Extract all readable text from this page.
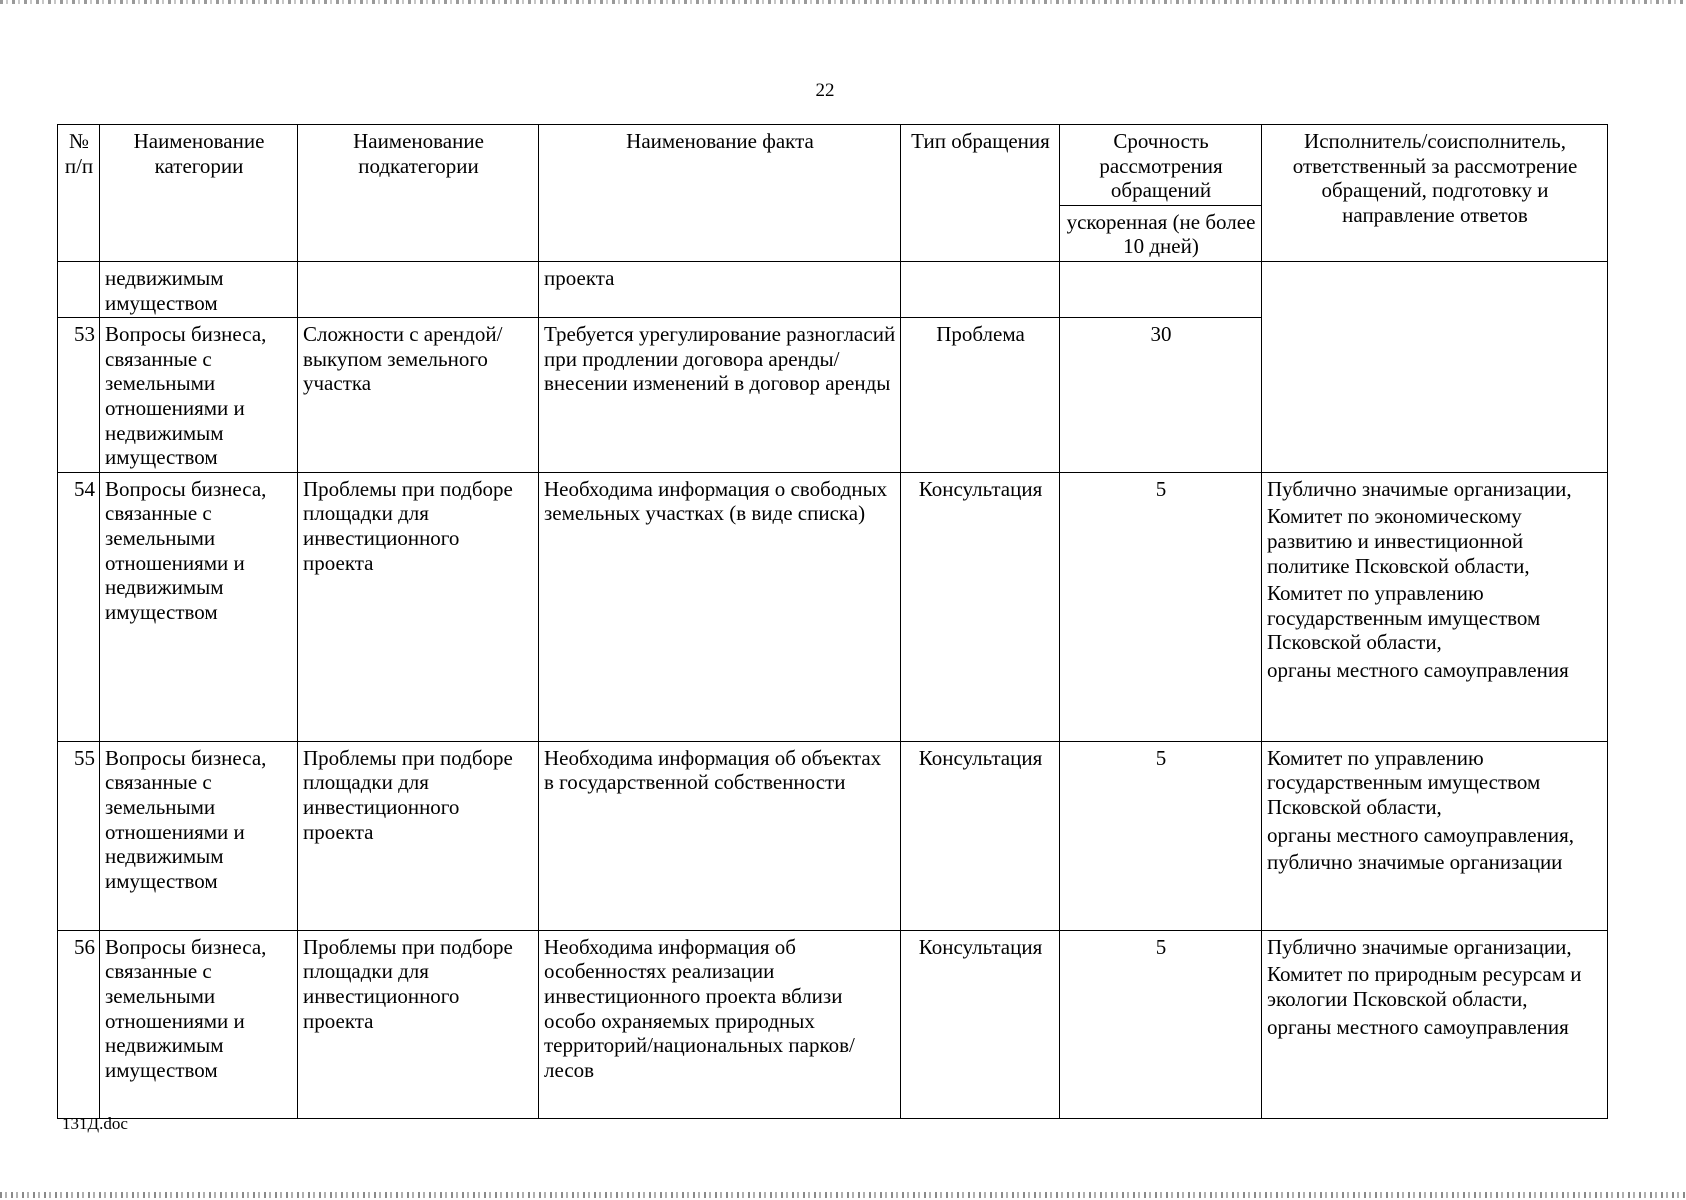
22
№ п/п	Наименование категории	Наименование подкатегории	Наименование факта	Тип обращения	Срочность рассмотрения обращений	Исполнитель/соисполнитель, ответственный за рассмотрение обращений, подготовку и направление ответов
					ускоренная (не более 10 дней)	
	недвижимым имуществом		проекта			
53	Вопросы бизнеса, связанные с земельными отношениями и недвижимым имуществом	Сложности с арендой/выкупом земельного участка	Требуется урегулирование разногласий при продлении договора аренды/внесении изменений в договор аренды	Проблема	30	
54	Вопросы бизнеса, связанные с земельными отношениями и недвижимым имуществом	Проблемы при подборе площадки для инвестиционного проекта	Необходима информация о свободных земельных участках (в виде списка)	Консультация	5	Публично значимые организации,
Комитет по экономическому развитию и инвестиционной политике Псковской области,
Комитет по управлению государственным имуществом Псковской области,
органы местного самоуправления

55	Вопросы бизнеса, связанные с земельными отношениями и недвижимым имуществом	Проблемы при подборе площадки для инвестиционного проекта	Необходима информация об объектах в государственной собственности	Консультация	5	Комитет по управлению государственным имуществом Псковской области,
органы местного самоуправления,
публично значимые организации

56	Вопросы бизнеса, связанные с земельными отношениями и недвижимым имуществом	Проблемы при подборе площадки для инвестиционного проекта	Необходима информация об особенностях реализации инвестиционного проекта вблизи особо охраняемых природных территорий/национальных парков/ лесов	Консультация	5	Публично значимые организации,
Комитет по природным ресурсам и экологии Псковской области,
органы местного самоуправления
131Д.doc
